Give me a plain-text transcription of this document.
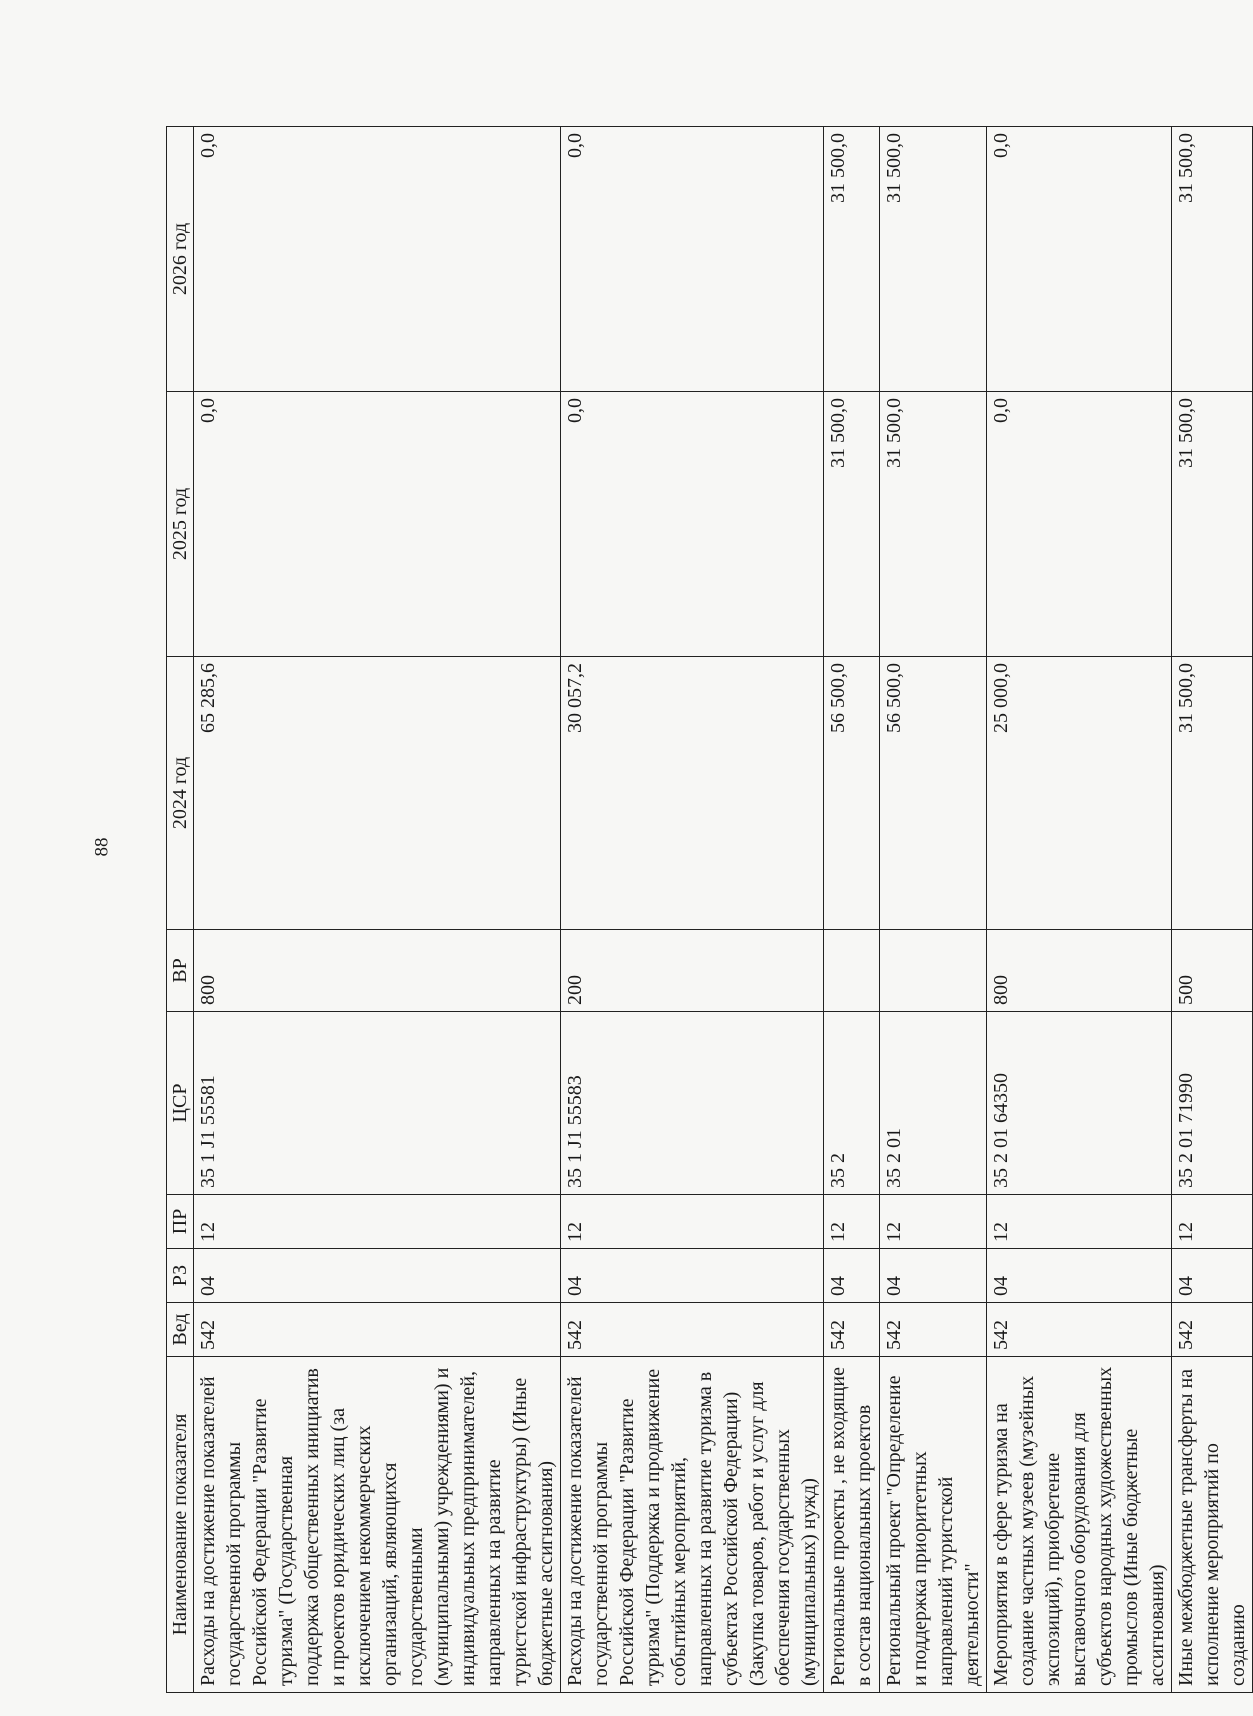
88
Наименование показателя	Вед	РЗ	ПР	ЦСР	ВР	2024 год	2025 год	2026 год
Расходы на достижение показателей государственной программы Российской Федерации "Развитие туризма" (Государственная поддержка общественных инициатив и проектов юридических лиц (за исключением некоммерческих организаций, являющихся государственными (муниципальными) учреждениями) и индивидуальных предпринимателей, направленных на развитие туристской инфраструктуры) (Иные бюджетные ассигнования)	542	04	12	35 1 J1 55581	800	65 285,6	0,0	0,0
Расходы на достижение показателей государственной программы Российской Федерации "Развитие туризма" (Поддержка и продвижение событийных мероприятий, направленных на развитие туризма в субъектах Российской Федерации) (Закупка товаров, работ и услуг для обеспечения государственных (муниципальных) нужд)	542	04	12	35 1 J1 55583	200	30 057,2	0,0	0,0
Региональные проекты , не входящие в состав национальных проектов	542	04	12	35 2		56 500,0	31 500,0	31 500,0
Региональный проект "Определение и поддержка приоритетных направлений туристской деятельности"	542	04	12	35 2 01		56 500,0	31 500,0	31 500,0
Мероприятия в сфере туризма на создание частных музеев (музейных экспозиций), приобретение выставочного оборудования для субъектов народных художественных промыслов (Иные бюджетные ассигнования)	542	04	12	35 2 01 64350	800	25 000,0	0,0	0,0
Иные межбюджетные трансферты на исполнение мероприятий по созданию	542	04	12	35 2 01 71990	500	31 500,0	31 500,0	31 500,0
